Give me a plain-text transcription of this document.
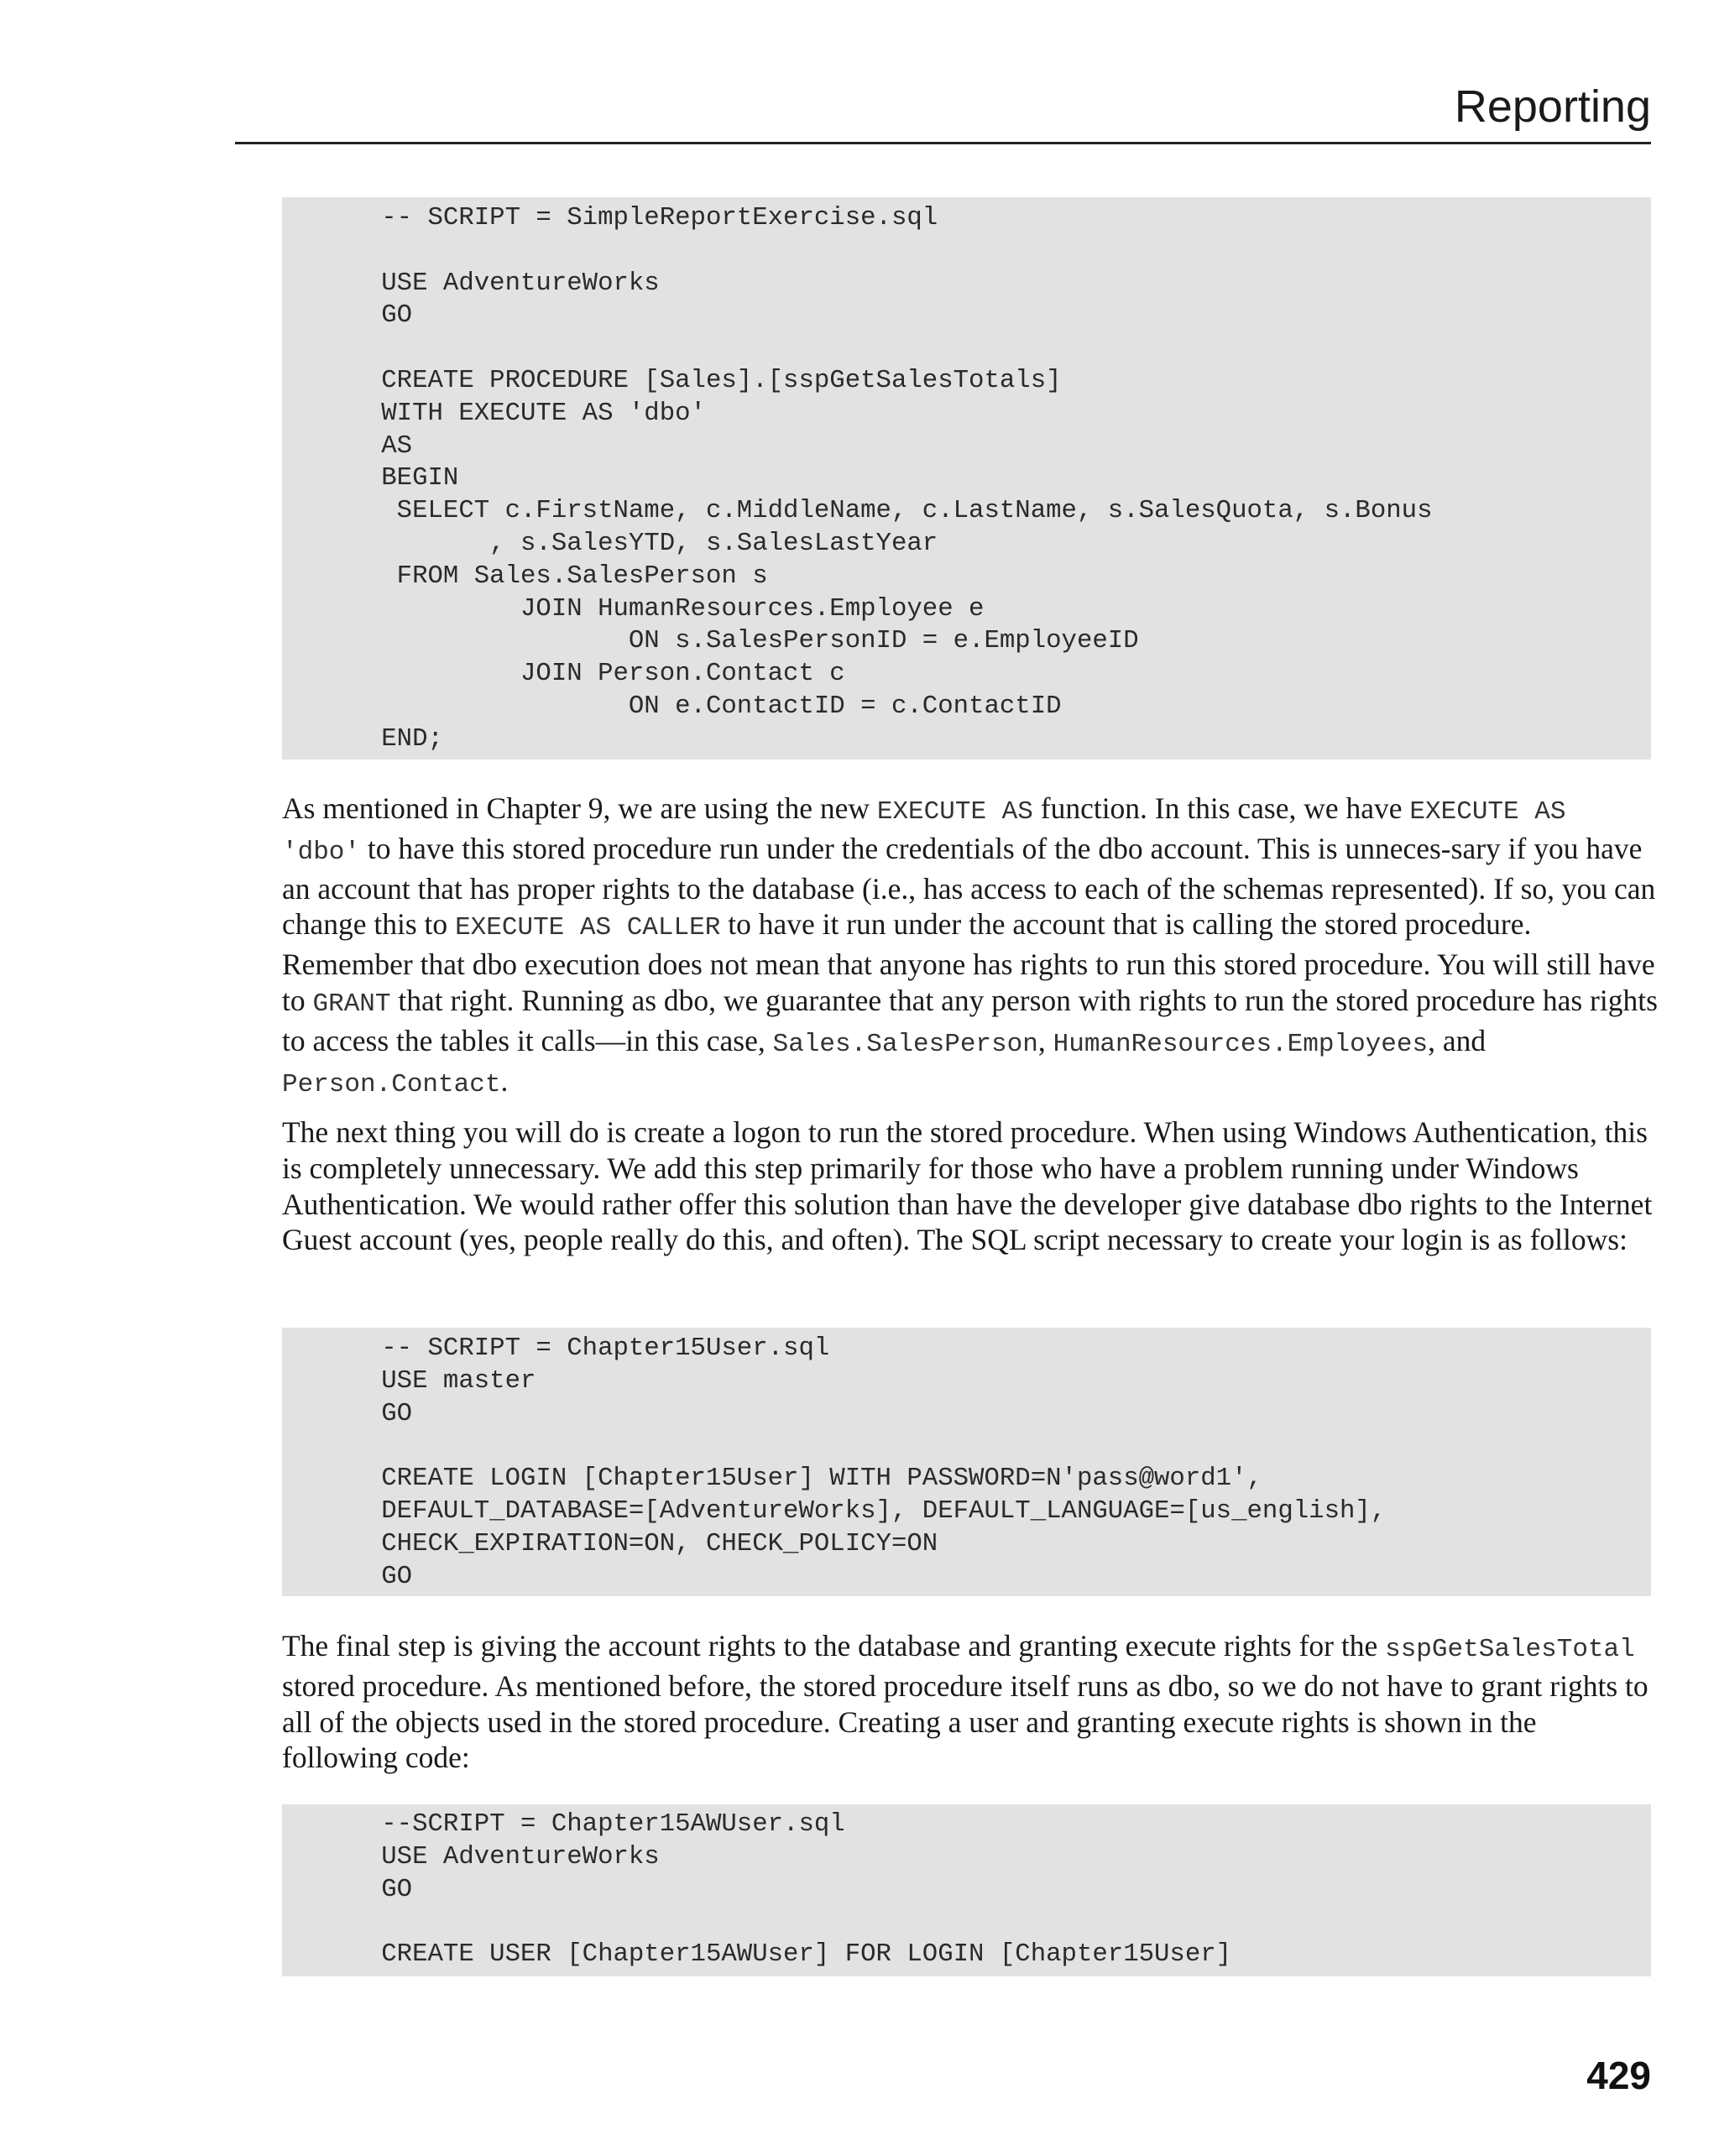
Reporting
-- SCRIPT = SimpleReportExercise.sql
USE AdventureWorks
GO
CREATE PROCEDURE [Sales].[sspGetSalesTotals]
WITH EXECUTE AS 'dbo'
AS
BEGIN
SELECT c.FirstName, c.MiddleName, c.LastName, s.SalesQuota, s.Bonus
, s.SalesYTD, s.SalesLastYear
FROM Sales.SalesPerson s
JOIN HumanResources.Employee e
ON s.SalesPersonID = e.EmployeeID
JOIN Person.Contact c
ON e.ContactID = c.ContactID
END;

As mentioned in Chapter 9, we are using the new EXECUTE AS function. In this case, we have EXECUTE AS 'dbo' to have this stored procedure run under the credentials of the dbo account. This is unneces-sary if you have an account that has proper rights to the database (i.e., has access to each of the schemas represented). If so, you can change this to EXECUTE AS CALLER to have it run under the account that is calling the stored procedure. Remember that dbo execution does not mean that anyone has rights to run this stored procedure. You will still have to GRANT that right. Running as dbo, we guarantee that any person with rights to run the stored procedure has rights to access the tables it calls—in this case, Sales.SalesPerson, HumanResources.Employees, and Person.Contact.

The next thing you will do is create a logon to run the stored procedure. When using Windows Authentication, this is completely unnecessary. We add this step primarily for those who have a problem running under Windows Authentication. We would rather offer this solution than have the developer give database dbo rights to the Internet Guest account (yes, people really do this, and often). The SQL script necessary to create your login is as follows:

-- SCRIPT = Chapter15User.sql
USE master
GO
CREATE LOGIN [Chapter15User] WITH PASSWORD=N'pass@word1',
DEFAULT_DATABASE=[AdventureWorks], DEFAULT_LANGUAGE=[us_english],
CHECK_EXPIRATION=ON, CHECK_POLICY=ON
GO

The final step is giving the account rights to the database and granting execute rights for the sspGetSalesTotal stored procedure. As mentioned before, the stored procedure itself runs as dbo, so we do not have to grant rights to all of the objects used in the stored procedure. Creating a user and granting execute rights is shown in the following code:

--SCRIPT = Chapter15AWUser.sql
USE AdventureWorks
GO
CREATE USER [Chapter15AWUser] FOR LOGIN [Chapter15User]
429
